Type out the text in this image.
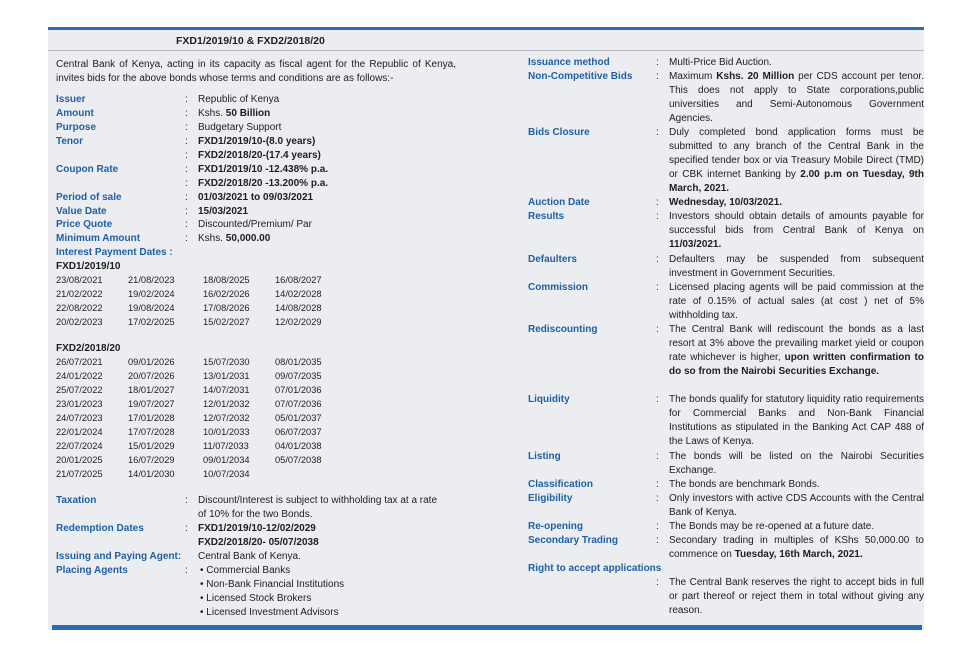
FXD1/2019/10 & FXD2/2018/20
Central Bank of Kenya, acting in its capacity as fiscal agent for the Republic of Kenya, invites bids for the above bonds whose terms and conditions are as follows:-
Issuer	: Republic of Kenya
Amount	: Kshs. 50 Billion
Purpose	: Budgetary Support
Tenor	: FXD1/2019/10-(8.0 years)
: FXD2/2018/20-(17.4 years)
Coupon Rate	: FXD1/2019/10 -12.438% p.a.
: FXD2/2018/20 -13.200% p.a.
Period of sale	: 01/03/2021 to 09/03/2021
Value Date	: 15/03/2021
Price Quote	: Discounted/Premium/ Par
Minimum Amount	: Kshs. 50,000.00
Interest Payment Dates :
FXD1/2019/10
23/08/2021	21/08/2023	18/08/2025	16/08/2027
21/02/2022	19/02/2024	16/02/2026	14/02/2028
22/08/2022	19/08/2024	17/08/2026	14/08/2028
20/02/2023	17/02/2025	15/02/2027	12/02/2029
FXD2/2018/20
26/07/2021	09/01/2026	15/07/2030	08/01/2035
24/01/2022	20/07/2026	13/01/2031	09/07/2035
25/07/2022	18/01/2027	14/07/2031	07/01/2036
23/01/2023	19/07/2027	12/01/2032	07/07/2036
24/07/2023	17/01/2028	12/07/2032	05/01/2037
22/01/2024	17/07/2028	10/01/2033	06/07/2037
22/07/2024	15/01/2029	11/07/2033	04/01/2038
20/01/2025	16/07/2029	09/01/2034	05/07/2038
21/07/2025	14/01/2030	10/07/2034
Taxation	: Discount/Interest is subject to withholding tax at a rate
of 10% for the two Bonds.
Redemption Dates	: FXD1/2019/10-12/02/2029
FXD2/2018/20- 05/07/2038
Issuing and Paying Agent: Central Bank of Kenya.
Placing Agents	: • Commercial Banks
• Non-Bank Financial Institutions
• Licensed Stock Brokers
• Licensed Investment Advisors
Issuance method	: Multi-Price Bid Auction.
Non-Competitive Bids : Maximum Kshs. 20 Million per CDS account per tenor. This does not apply to State corporations,public universities and Semi-Autonomous Government Agencies.
Bids Closure	: Duly completed bond application forms must be submitted to any branch of the Central Bank in the specified tender box or via Treasury Mobile Direct (TMD) or CBK internet Banking by 2.00 p.m on Tuesday, 9th March, 2021.
Auction Date	: Wednesday, 10/03/2021.
Results	: Investors should obtain details of amounts payable for successful bids from Central Bank of Kenya on 11/03/2021.
Defaulters	: Defaulters may be suspended from subsequent investment in Government Securities.
Commission	: Licensed placing agents will be paid commission at the rate of 0.15% of actual sales (at cost ) net of 5% withholding tax.
Rediscounting	: The Central Bank will rediscount the bonds as a last resort at 3% above the prevailing market yield or coupon rate whichever is higher, upon written confirmation to do so from the Nairobi Securities Exchange.
Liquidity	: The bonds qualify for statutory liquidity ratio requirements for Commercial Banks and Non-Bank Financial Institutions as stipulated in the Banking Act CAP 488 of the Laws of Kenya.
Listing	: The bonds will be listed on the Nairobi Securities Exchange.
Classification	: The bonds are benchmark Bonds.
Eligibility	: Only investors with active CDS Accounts with the Central Bank of Kenya.
Re-opening	: The Bonds may be re-opened at a future date.
Secondary Trading	: Secondary trading in multiples of KShs 50,000.00 to commence on Tuesday, 16th March, 2021.
Right to accept applications
: The Central Bank reserves the right to accept bids in full or part thereof or reject them in total without giving any reason.
